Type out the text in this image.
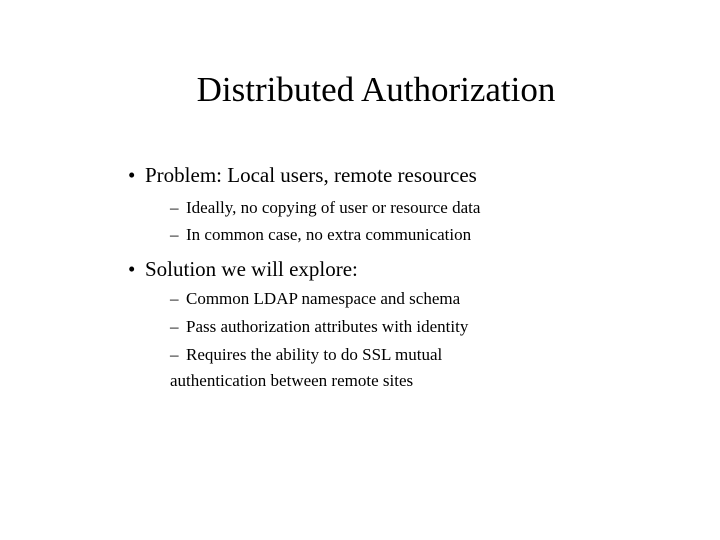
Distributed Authorization
• Problem: Local users, remote resources
– Ideally, no copying of user or resource data
– In common case, no extra communication
• Solution we will explore:
– Common LDAP namespace and schema
– Pass authorization attributes with identity
– Requires the ability to do SSL mutual
authentication between remote sites
